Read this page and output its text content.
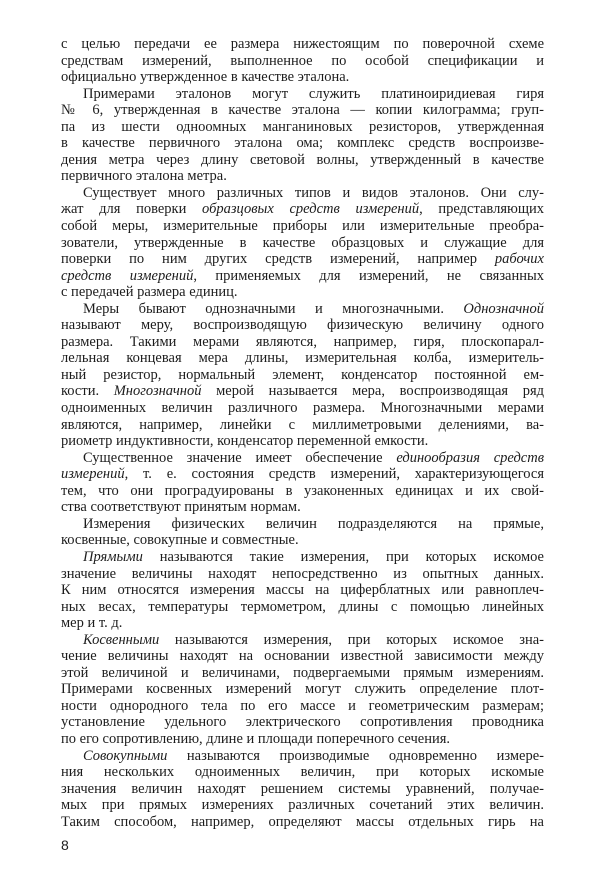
с целью передачи ее размера нижестоящим по поверочной схеме
средствам измерений, выполненное по особой спецификации и
официально утвержденное в качестве эталона.
Примерами эталонов могут служить платиноиридиевая гиря
№ 6, утвержденная в качестве эталона — копии килограмма; груп-
па из шести одноомных манганиновых резисторов, утвержденная
в качестве первичного эталона ома; комплекс средств воспроизве-
дения метра через длину световой волны, утвержденный в качестве
первичного эталона метра.
Существует много различных типов и видов эталонов. Они слу-
жат для поверки образцовых средств измерений, представляющих
собой меры, измерительные приборы или измерительные преобра-
зователи, утвержденные в качестве образцовых и служащие для
поверки по ним других средств измерений, например рабочих
средств измерений, применяемых для измерений, не связанных
с передачей размера единиц.
Меры бывают однозначными и многозначными. Однозначной
называют меру, воспроизводящую физическую величину одного
размера. Такими мерами являются, например, гиря, плоскопарал-
лельная концевая мера длины, измерительная колба, измеритель-
ный резистор, нормальный элемент, конденсатор постоянной ем-
кости. Многозначной мерой называется мера, воспроизводящая ряд
одноименных величин различного размера. Многозначными мерами
являются, например, линейки с миллиметровыми делениями, ва-
риометр индуктивности, конденсатор переменной емкости.
Существенное значение имеет обеспечение единообразия средств
измерений, т. е. состояния средств измерений, характеризующегося
тем, что они проградуированы в узаконенных единицах и их свой-
ства соответствуют принятым нормам.
Измерения физических величин подразделяются на прямые,
косвенные, совокупные и совместные.
Прямыми называются такие измерения, при которых искомое
значение величины находят непосредственно из опытных данных.
К ним относятся измерения массы на циферблатных или равноплеч-
ных весах, температуры термометром, длины с помощью линейных
мер и т. д.
Косвенными называются измерения, при которых искомое зна-
чение величины находят на основании известной зависимости между
этой величиной и величинами, подвергаемыми прямым измерениям.
Примерами косвенных измерений могут служить определение плот-
ности однородного тела по его массе и геометрическим размерам;
установление удельного электрического сопротивления проводника
по его сопротивлению, длине и площади поперечного сечения.
Совокупными называются производимые одновременно измере-
ния нескольких одноименных величин, при которых искомые
значения величин находят решением системы уравнений, получае-
мых при прямых измерениях различных сочетаний этих величин.
Таким способом, например, определяют массы отдельных гирь на
8
